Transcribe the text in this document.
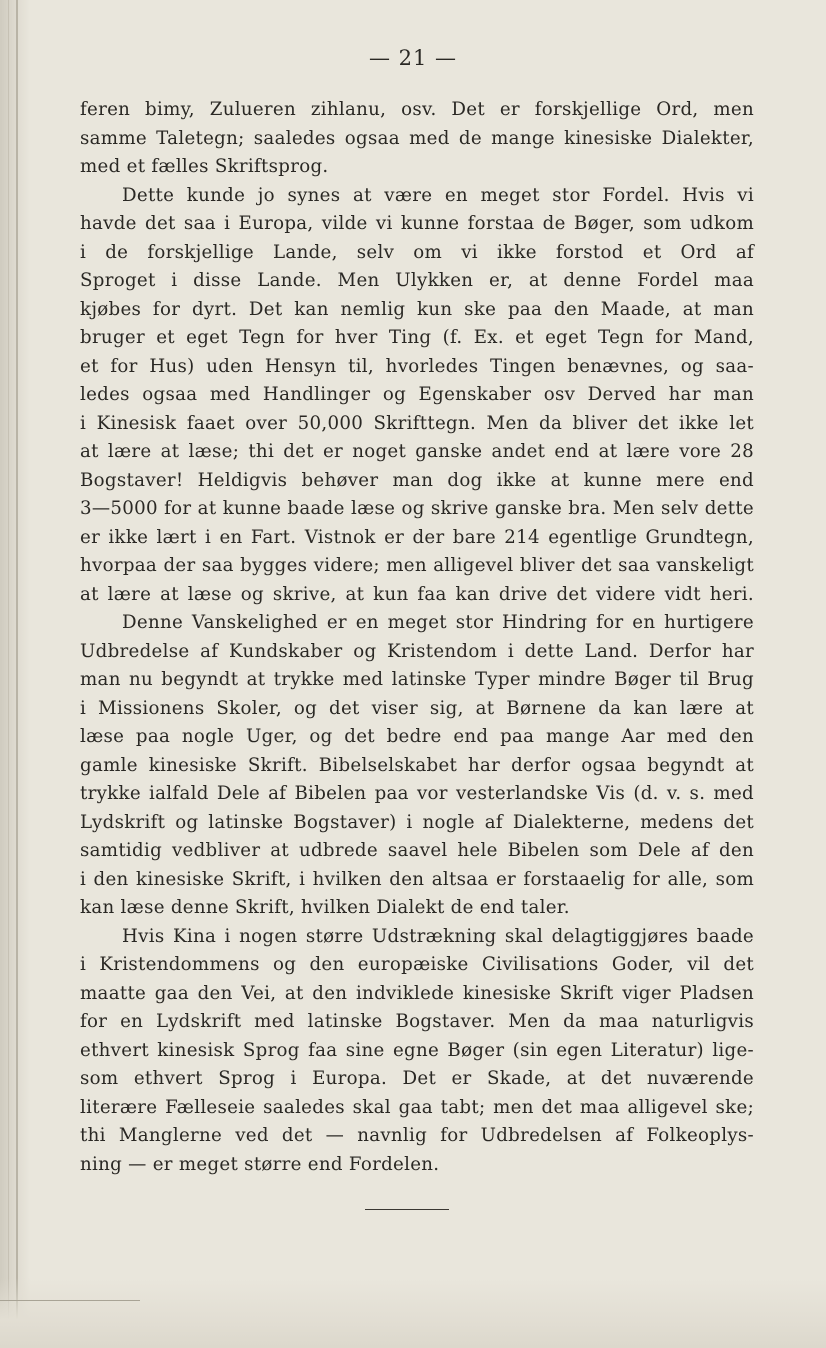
— 21 —
feren bimy, Zulueren zihlanu, osv. Det er forskjellige Ord, men
samme Taletegn; saaledes ogsaa med de mange kinesiske Dialekter,
med et fælles Skriftsprog.
Dette kunde jo synes at være en meget stor Fordel. Hvis vi
havde det saa i Europa, vilde vi kunne forstaa de Bøger, som udkom
i de forskjellige Lande, selv om vi ikke forstod et Ord af
Sproget i disse Lande. Men Ulykken er, at denne Fordel maa
kjøbes for dyrt. Det kan nemlig kun ske paa den Maade, at man
bruger et eget Tegn for hver Ting (f. Ex. et eget Tegn for Mand,
et for Hus) uden Hensyn til, hvorledes Tingen benævnes, og saa-
ledes ogsaa med Handlinger og Egenskaber osv Derved har man
i Kinesisk faaet over 50,000 Skrifttegn. Men da bliver det ikke let
at lære at læse; thi det er noget ganske andet end at lære vore 28
Bogstaver! Heldigvis behøver man dog ikke at kunne mere end
3—5000 for at kunne baade læse og skrive ganske bra. Men selv dette
er ikke lært i en Fart. Vistnok er der bare 214 egentlige Grundtegn,
hvorpaa der saa bygges videre; men alligevel bliver det saa vanskeligt
at lære at læse og skrive, at kun faa kan drive det videre vidt heri.
Denne Vanskelighed er en meget stor Hindring for en hurtigere
Udbredelse af Kundskaber og Kristendom i dette Land. Derfor har
man nu begyndt at trykke med latinske Typer mindre Bøger til Brug
i Missionens Skoler, og det viser sig, at Børnene da kan lære at
læse paa nogle Uger, og det bedre end paa mange Aar med den
gamle kinesiske Skrift. Bibelselskabet har derfor ogsaa begyndt at
trykke ialfald Dele af Bibelen paa vor vesterlandske Vis (d. v. s. med
Lydskrift og latinske Bogstaver) i nogle af Dialekterne, medens det
samtidig vedbliver at udbrede saavel hele Bibelen som Dele af den
i den kinesiske Skrift, i hvilken den altsaa er forstaaelig for alle, som
kan læse denne Skrift, hvilken Dialekt de end taler.
Hvis Kina i nogen større Udstrækning skal delagtiggjøres baade
i Kristendommens og den europæiske Civilisations Goder, vil det
maatte gaa den Vei, at den indviklede kinesiske Skrift viger Pladsen
for en Lydskrift med latinske Bogstaver. Men da maa naturligvis
ethvert kinesisk Sprog faa sine egne Bøger (sin egen Literatur) lige-
som ethvert Sprog i Europa. Det er Skade, at det nuværende
literære Fælleseie saaledes skal gaa tabt; men det maa alligevel ske;
thi Manglerne ved det — navnlig for Udbredelsen af Folkeoplys-
ning — er meget større end Fordelen.
